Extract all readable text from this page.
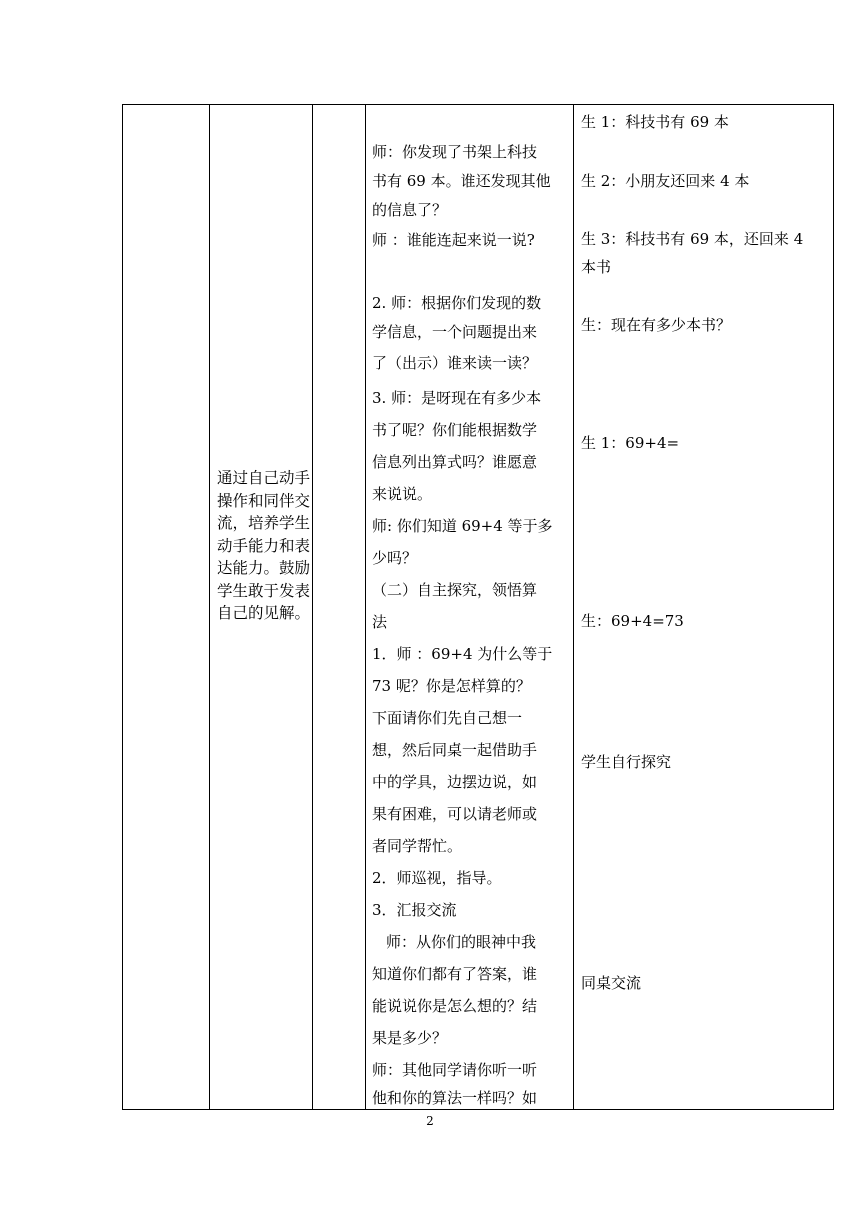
通过自己动手操作和同伴交流，培养学生动手能力和表达能力。鼓励学生敢于发表自己的见解。
师：你发现了书架上科技
书有 69 本。谁还发现其他
的信息了？
师 ：谁能连起来说一说?
2. 师：根据你们发现的数
学信息，一个问题提出来
了（出示）谁来读一读？
3. 师：是呀现在有多少本
书了呢？你们能根据数学
信息列出算式吗？谁愿意
来说说。
师: 你们知道 69+4 等于多
少吗？
（二）自主探究，领悟算
法
1．师 ：69+4 为什么等于
73 呢？你是怎样算的？
下面请你们先自己想一
想，然后同桌一起借助手
中的学具，边摆边说，如
果有困难，可以请老师或
者同学帮忙。
2．师巡视，指导。
3．汇报交流
师：从你们的眼神中我
知道你们都有了答案，谁
能说说你是怎么想的？结
果是多少？
师：其他同学请你听一听
他和你的算法一样吗？如
生 1：科技书有 69 本
生 2：小朋友还回来 4 本
生 3：科技书有 69 本，还回来 4
本书
生：现在有多少本书？
生 1：69+4=
生：69+4=73
学生自行探究
同桌交流
2
